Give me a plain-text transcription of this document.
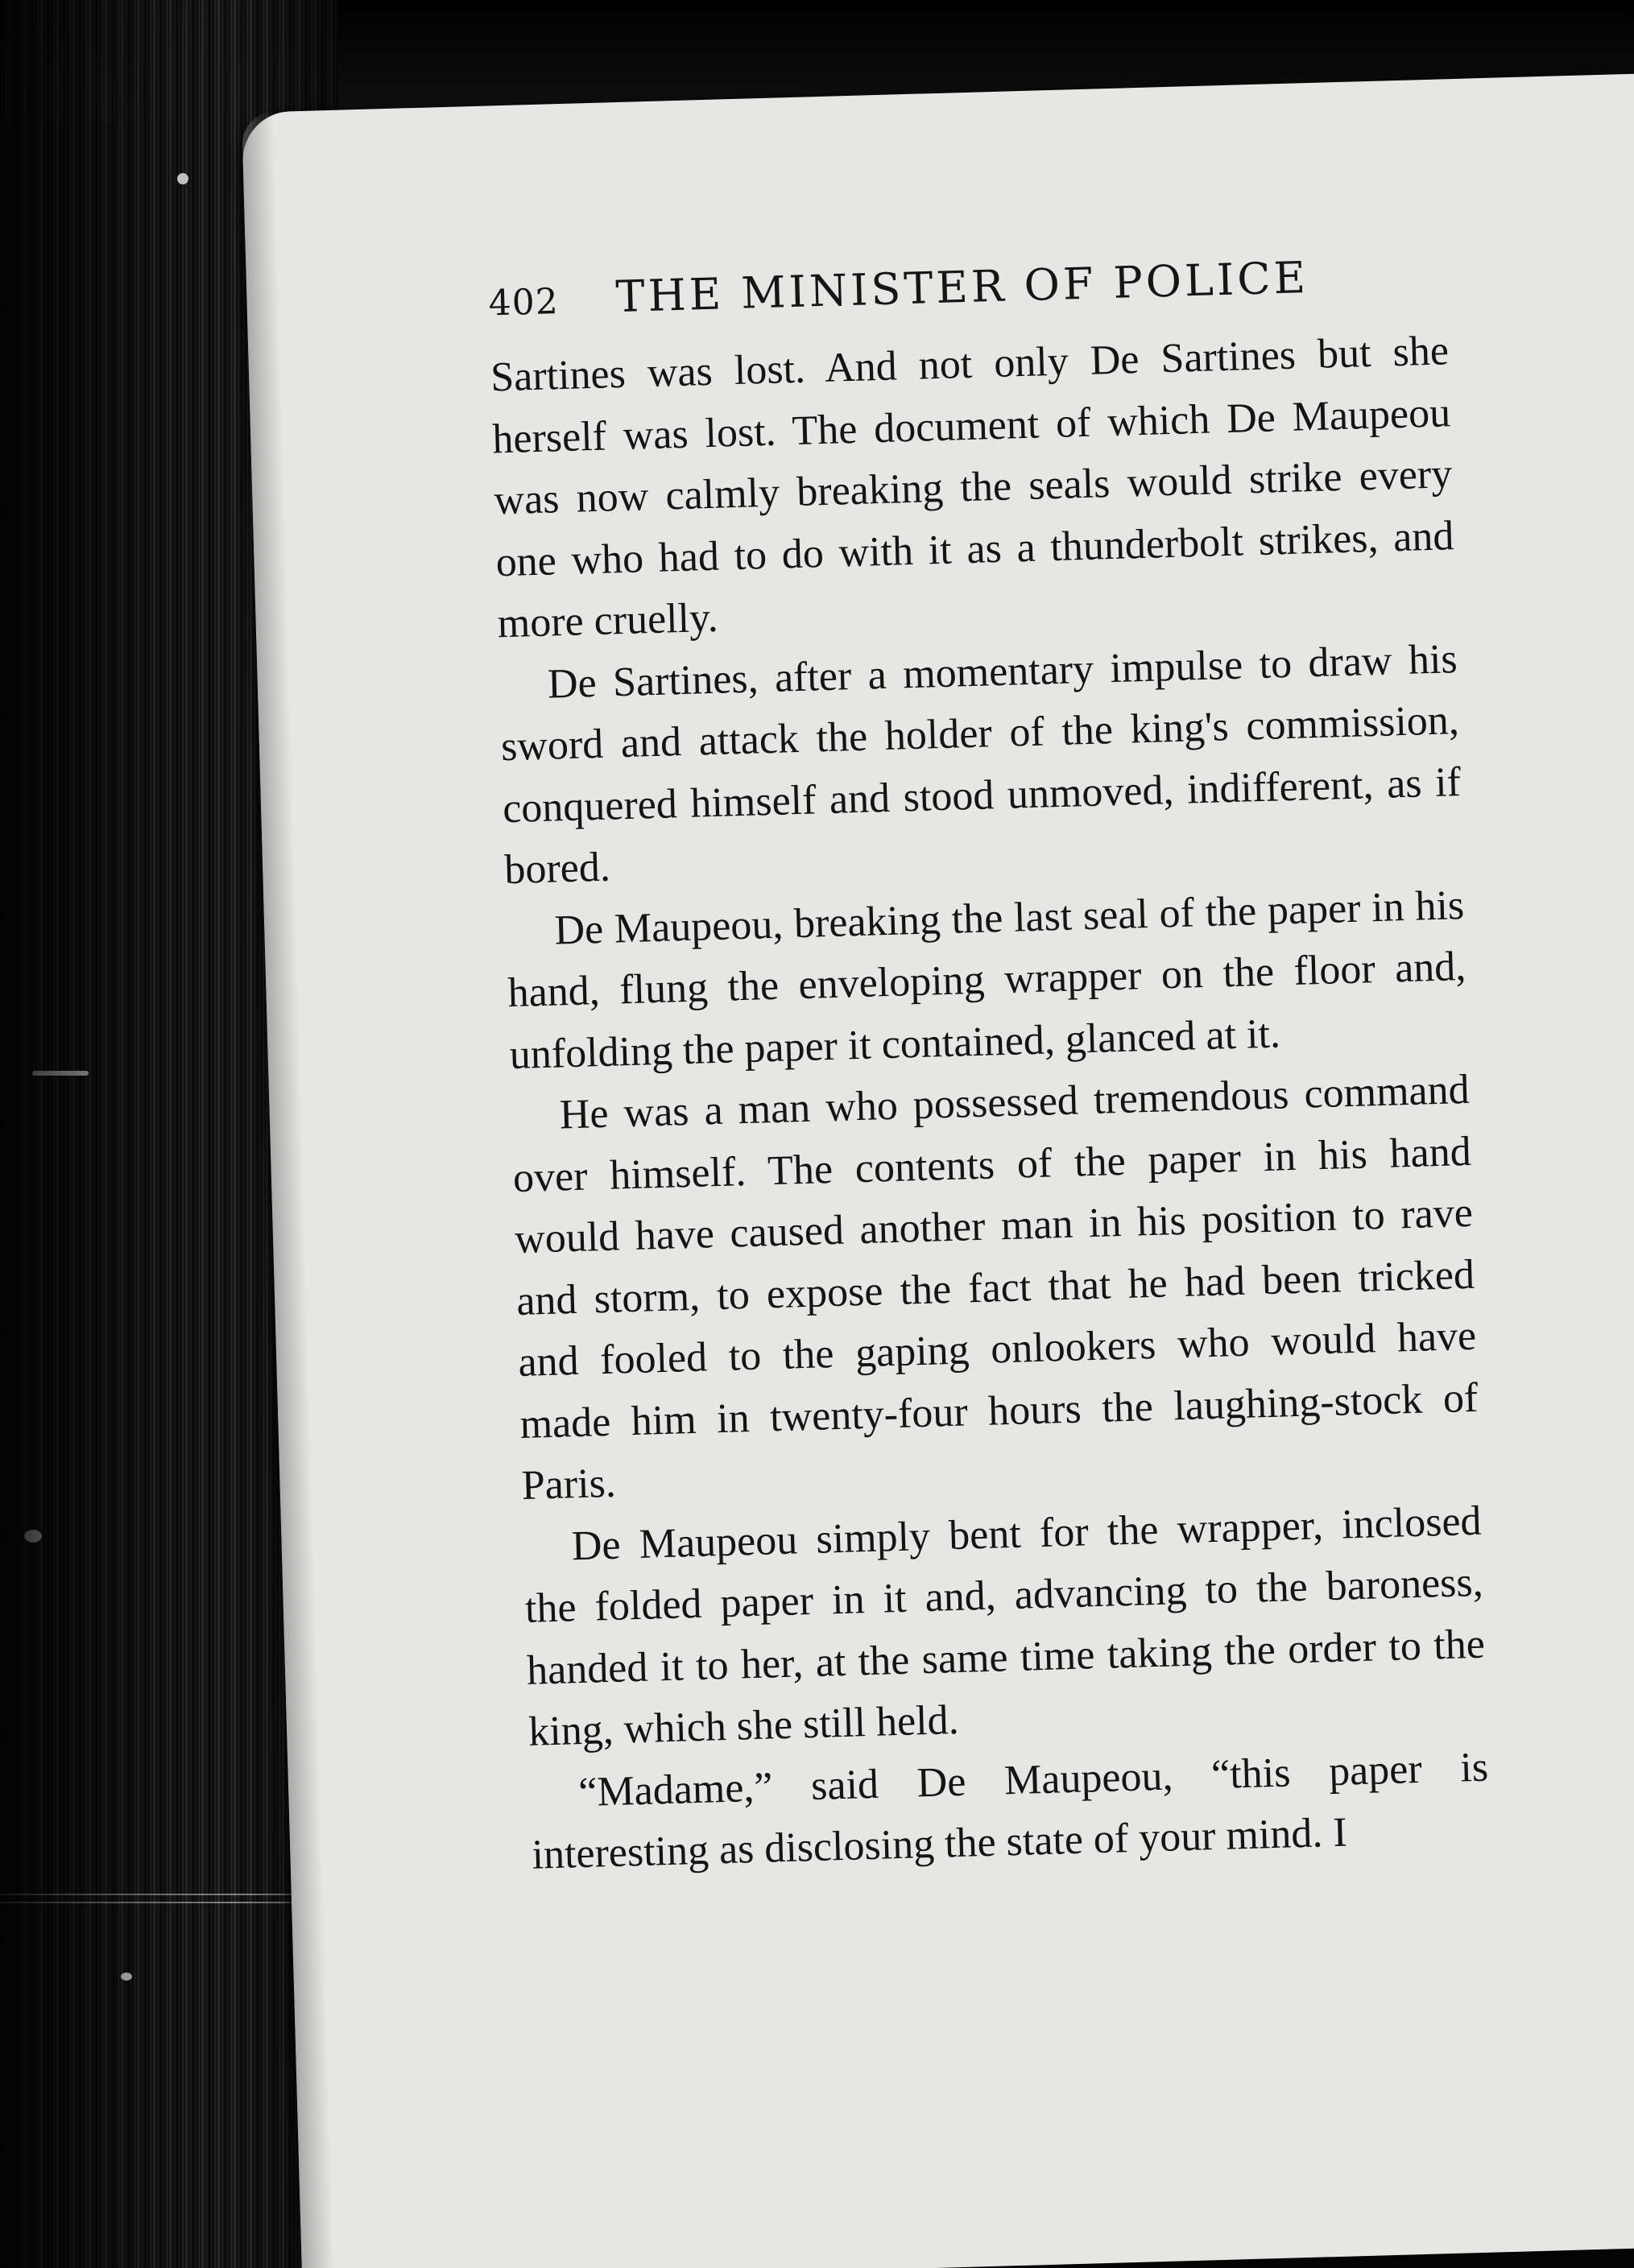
402 THE MINISTER OF POLICE

Sartines was lost. And not only De Sartines but she herself was lost. The document of which De Maupeou was now calmly breaking the seals would strike every one who had to do with it as a thunderbolt strikes, and more cruelly.

De Sartines, after a momentary impulse to draw his sword and attack the holder of the king's commission, conquered himself and stood unmoved, indifferent, as if bored.

De Maupeou, breaking the last seal of the paper in his hand, flung the enveloping wrapper on the floor and, unfolding the paper it contained, glanced at it.

He was a man who possessed tremendous command over himself. The contents of the paper in his hand would have caused another man in his position to rave and storm, to expose the fact that he had been tricked and fooled to the gaping onlookers who would have made him in twenty-four hours the laughing-stock of Paris.

De Maupeou simply bent for the wrapper, inclosed the folded paper in it and, advancing to the baroness, handed it to her, at the same time taking the order to the king, which she still held.

“Madame,” said De Maupeou, “this paper is interesting as disclosing the state of your mind. I
